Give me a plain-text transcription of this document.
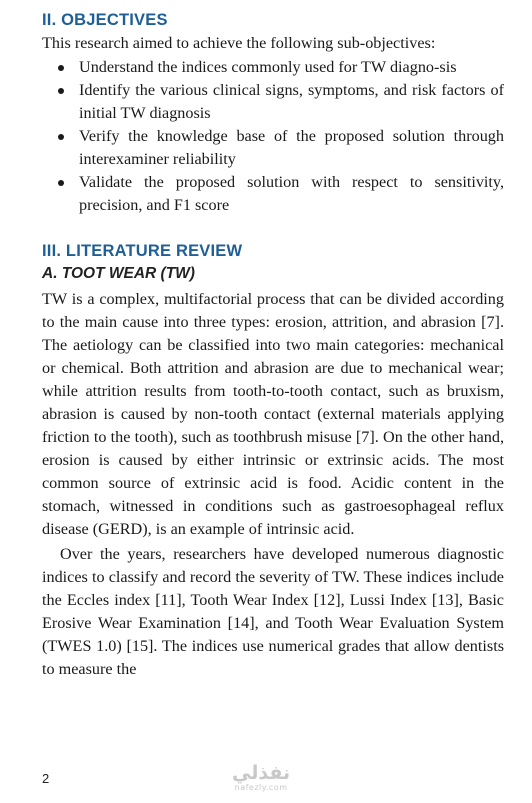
II. OBJECTIVES

This research aimed to achieve the following sub-objectives:

Understand the indices commonly used for TW diagno-sis
Identify the various clinical signs, symptoms, and risk factors of initial TW diagnosis
Verify the knowledge base of the proposed solution through interexaminer reliability
Validate the proposed solution with respect to sensitivity, precision, and F1 score
III. LITERATURE REVIEW
A. TOOT WEAR (TW)

TW is a complex, multifactorial process that can be divided according to the main cause into three types: erosion, attrition, and abrasion [7]. The aetiology can be classified into two main categories: mechanical or chemical. Both attrition and abrasion are due to mechanical wear; while attrition results from tooth-to-tooth contact, such as bruxism, abrasion is caused by non-tooth contact (external materials applying friction to the tooth), such as toothbrush misuse [7]. On the other hand, erosion is caused by either intrinsic or extrinsic acids. The most common source of extrinsic acid is food. Acidic content in the stomach, witnessed in conditions such as gastroesophageal reflux disease (GERD), is an example of intrinsic acid.

Over the years, researchers have developed numerous diagnostic indices to classify and record the severity of TW. These indices include the Eccles index [11], Tooth Wear Index [12], Lussi Index [13], Basic Erosive Wear Examination [14], and Tooth Wear Evaluation System (TWES 1.0) [15]. The indices use numerical grades that allow dentists to measure the

2	نفذلي
nafezly.com
